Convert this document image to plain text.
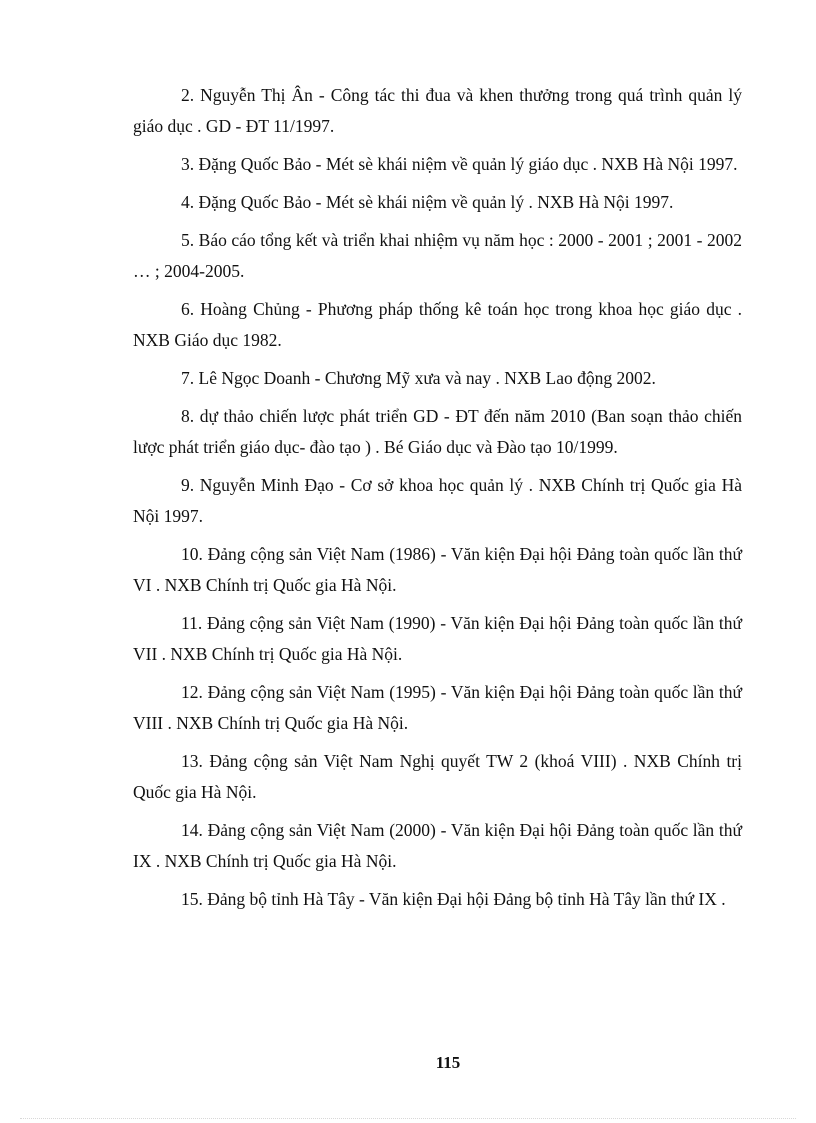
2. Nguyễn Thị Ân - Công tác thi đua và khen thưởng trong quá trình quản lý giáo dục . GD - ĐT 11/1997.
3. Đặng Quốc Bảo - Mét sè khái niệm về quản lý giáo dục . NXB Hà Nội 1997.
4. Đặng Quốc Bảo - Mét sè khái niệm về quản lý . NXB Hà Nội 1997.
5. Báo cáo tổng kết và triển khai nhiệm vụ năm học : 2000 - 2001 ; 2001 - 2002 … ; 2004-2005.
6. Hoàng Chủng - Phương pháp thống kê toán học trong khoa học giáo dục . NXB Giáo dục 1982.
7. Lê Ngọc Doanh - Chương Mỹ xưa và nay . NXB Lao động 2002.
8. dự thảo chiến lược phát triển GD - ĐT đến năm 2010 (Ban soạn thảo chiến lược phát triển giáo dục- đào tạo ) . Bé Giáo dục và Đào tạo 10/1999.
9. Nguyễn Minh Đạo - Cơ sở khoa học quản lý . NXB Chính trị Quốc gia Hà Nội 1997.
10. Đảng cộng sản Việt Nam (1986) - Văn kiện Đại hội Đảng toàn quốc lần thứ VI . NXB Chính trị Quốc gia Hà Nội.
11. Đảng cộng sản Việt Nam (1990) - Văn kiện Đại hội Đảng toàn quốc lần thứ VII . NXB Chính trị Quốc gia Hà Nội.
12. Đảng cộng sản Việt Nam (1995) - Văn kiện Đại hội Đảng toàn quốc lần thứ VIII . NXB Chính trị Quốc gia Hà Nội.
13. Đảng cộng sản Việt Nam Nghị quyết TW 2 (khoá VIII) . NXB Chính trị Quốc gia Hà Nội.
14. Đảng cộng sản Việt Nam (2000) - Văn kiện Đại hội Đảng toàn quốc lần thứ IX . NXB Chính trị Quốc gia Hà Nội.
15. Đảng bộ tỉnh Hà Tây - Văn kiện Đại hội Đảng bộ tỉnh Hà Tây lần thứ IX .
115
